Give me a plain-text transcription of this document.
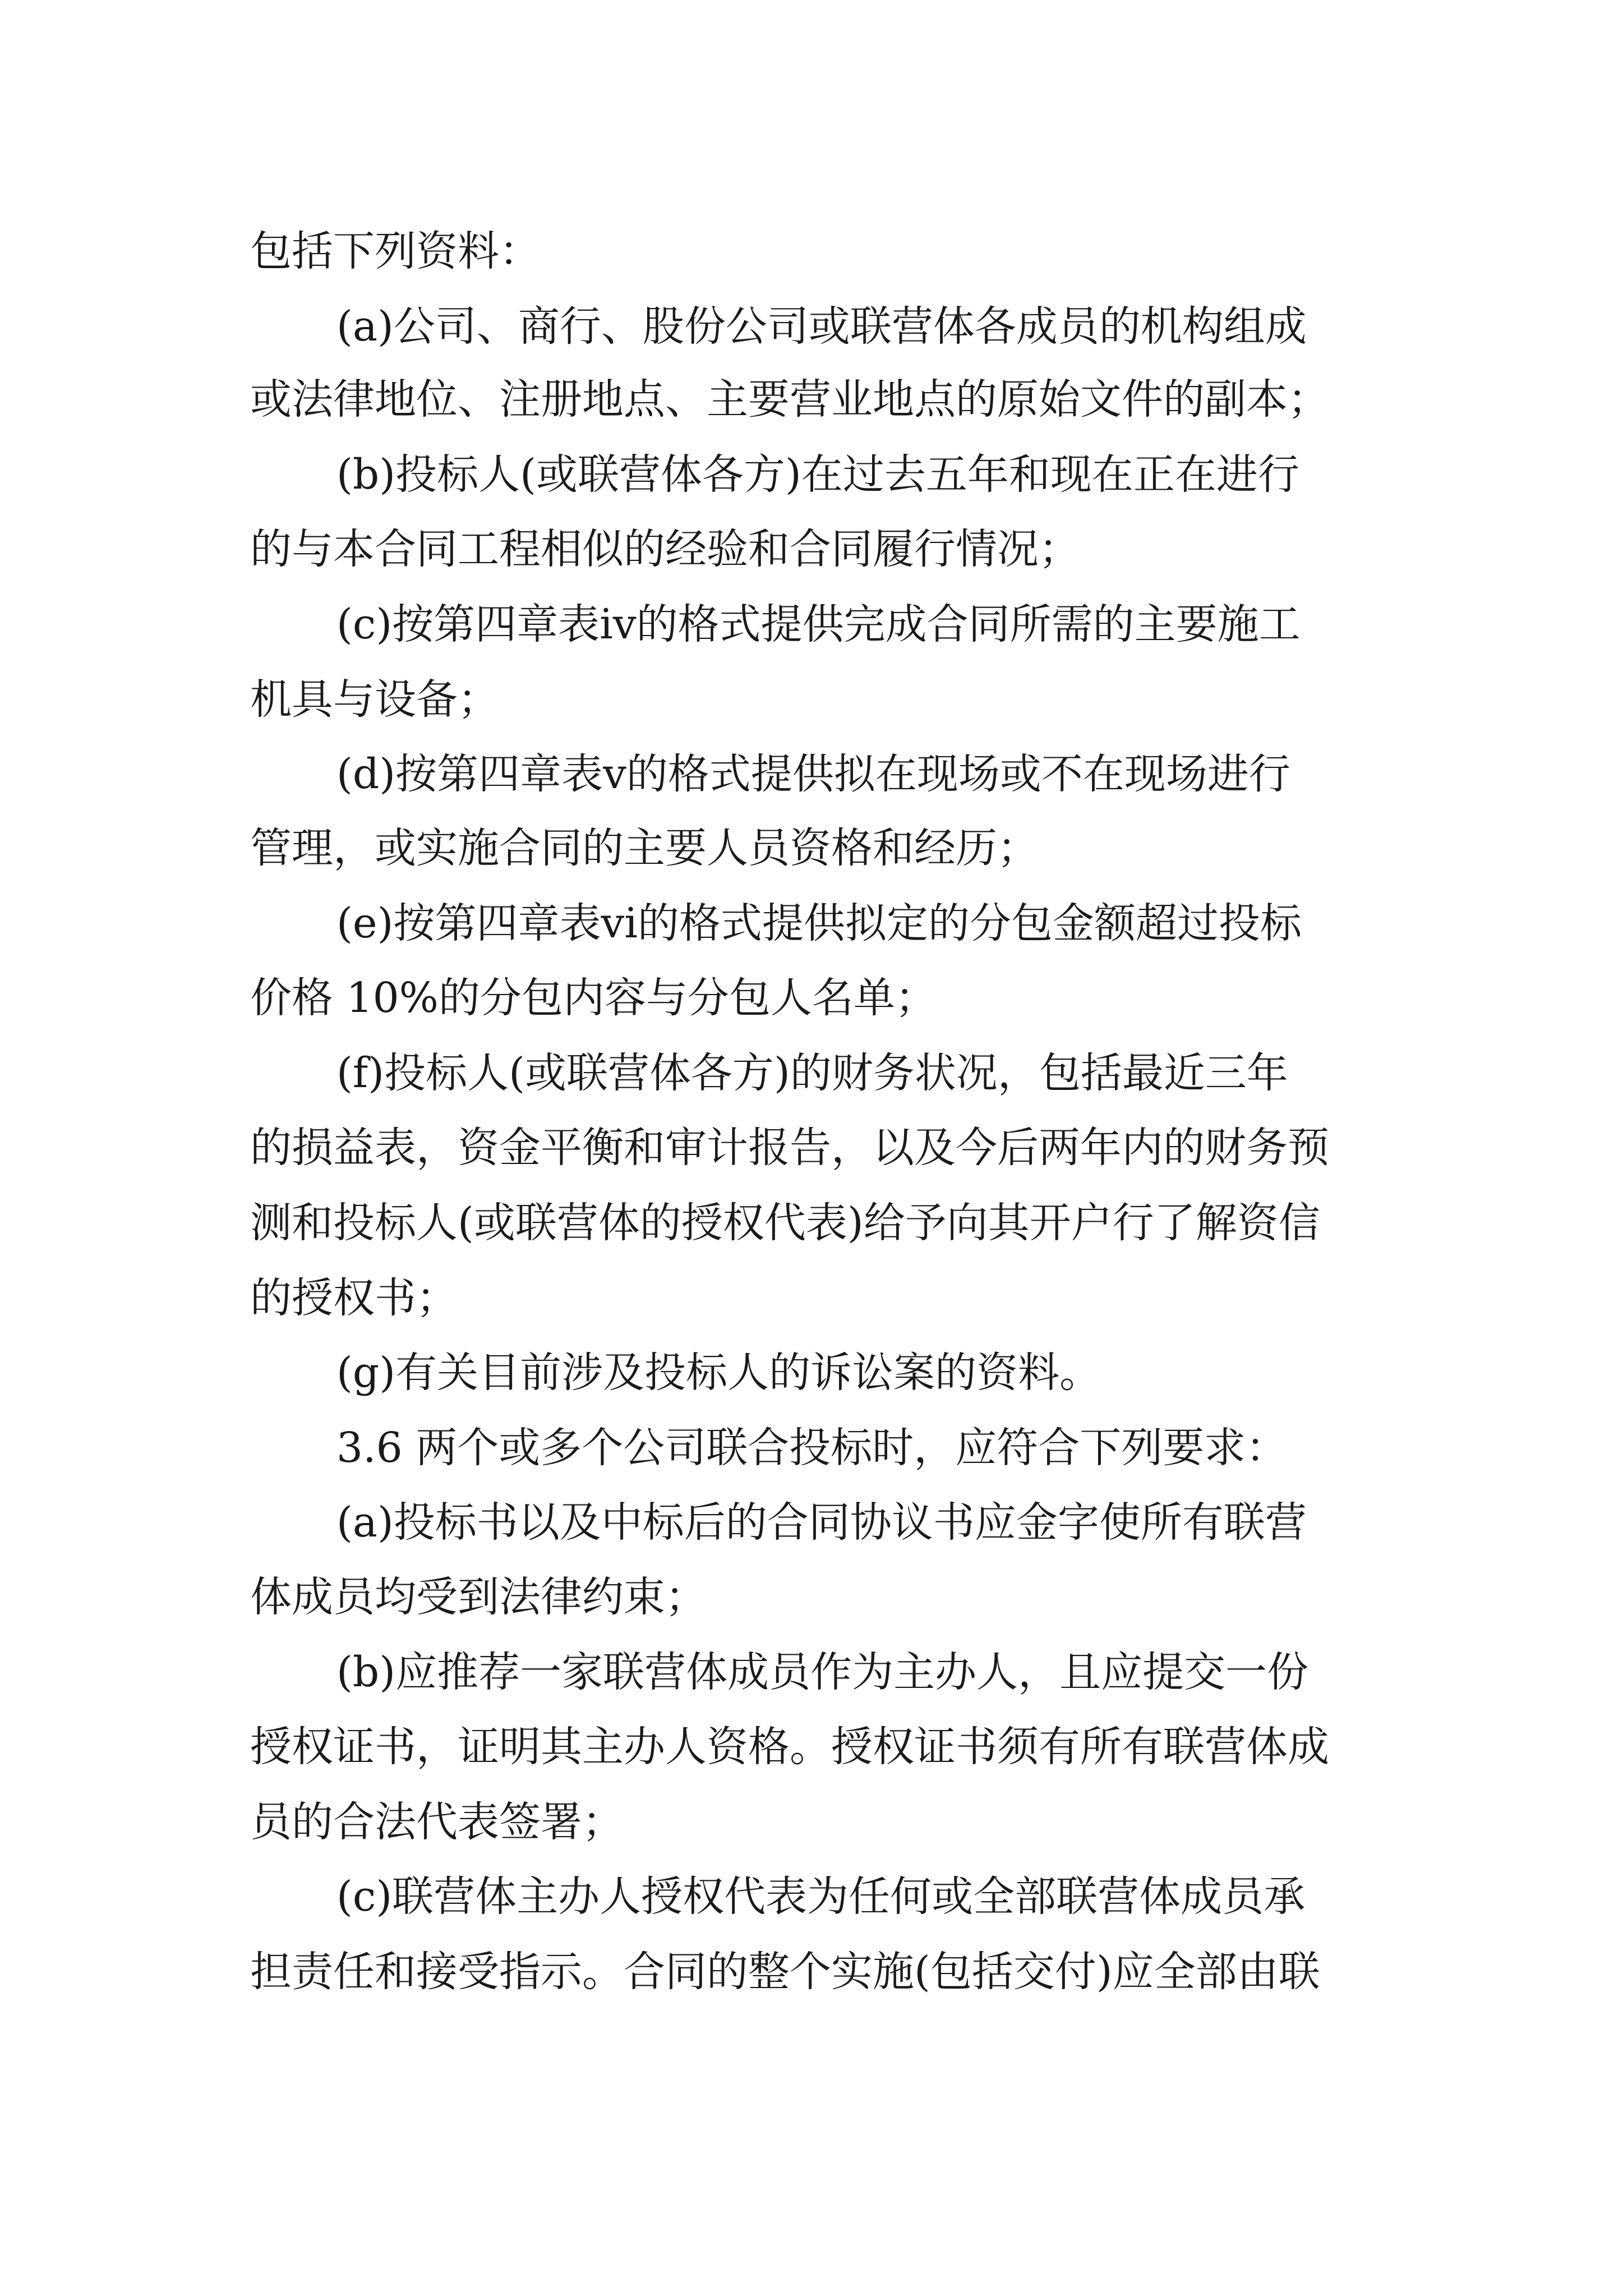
包括下列资料：
(a)公司、商行、股份公司或联营体各成员的机构组成
或法律地位、注册地点、主要营业地点的原始文件的副本；
(b)投标人(或联营体各方)在过去五年和现在正在进行
的与本合同工程相似的经验和合同履行情况；
(c)按第四章表ⅳ的格式提供完成合同所需的主要施工
机具与设备；
(d)按第四章表ⅴ的格式提供拟在现场或不在现场进行
管理，或实施合同的主要人员资格和经历；
(e)按第四章表ⅵ的格式提供拟定的分包金额超过投标
价格 10%的分包内容与分包人名单；
(f)投标人(或联营体各方)的财务状况，包括最近三年
的损益表，资金平衡和审计报告，以及今后两年内的财务预
测和投标人(或联营体的授权代表)给予向其开户行了解资信
的授权书；
(g)有关目前涉及投标人的诉讼案的资料。
3.6 两个或多个公司联合投标时，应符合下列要求：
(a)投标书以及中标后的合同协议书应金字使所有联营
体成员均受到法律约束；
(b)应推荐一家联营体成员作为主办人，且应提交一份
授权证书，证明其主办人资格。授权证书须有所有联营体成
员的合法代表签署；
(c)联营体主办人授权代表为任何或全部联营体成员承
担责任和接受指示。合同的整个实施(包括交付)应全部由联
